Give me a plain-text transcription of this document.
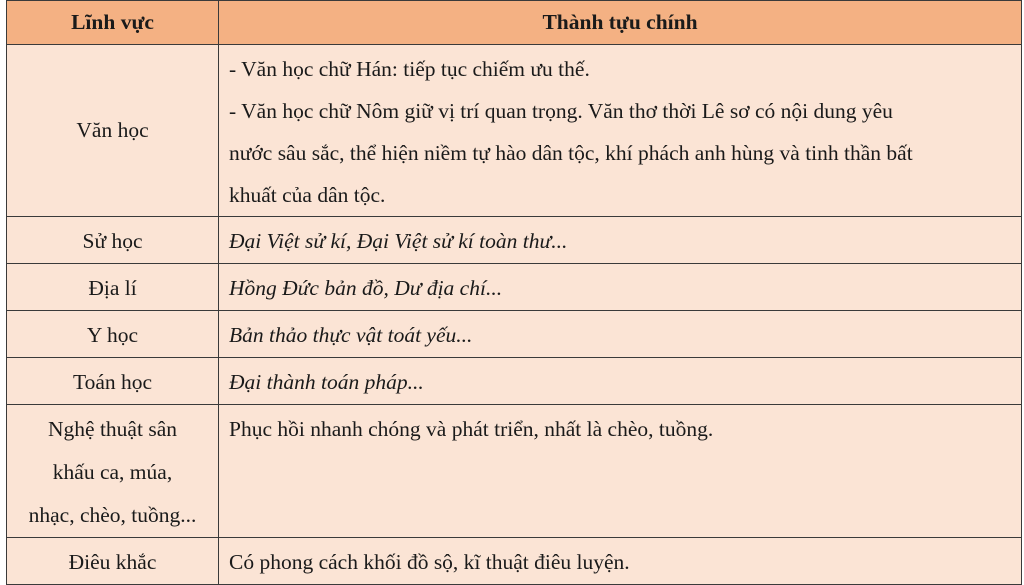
Lĩnh vực	Thành tựu chính
Văn học	- Văn học chữ Hán: tiếp tục chiếm ưu thế.
- Văn học chữ Nôm giữ vị trí quan trọng. Văn thơ thời Lê sơ có nội dung yêu
nước sâu sắc, thể hiện niềm tự hào dân tộc, khí phách anh hùng và tinh thần bất
khuất của dân tộc.

Sử học	Đại Việt sử kí, Đại Việt sử kí toàn thư...
Địa lí	Hồng Đức bản đồ, Dư địa chí...
Y học	Bản thảo thực vật toát yếu...
Toán học	Đại thành toán pháp...

Nghệ thuật sân
khấu ca, múa,
nhạc, chèo, tuồng...	Phục hồi nhanh chóng và phát triển, nhất là chèo, tuồng.
Điêu khắc	Có phong cách khối đồ sộ, kĩ thuật điêu luyện.
